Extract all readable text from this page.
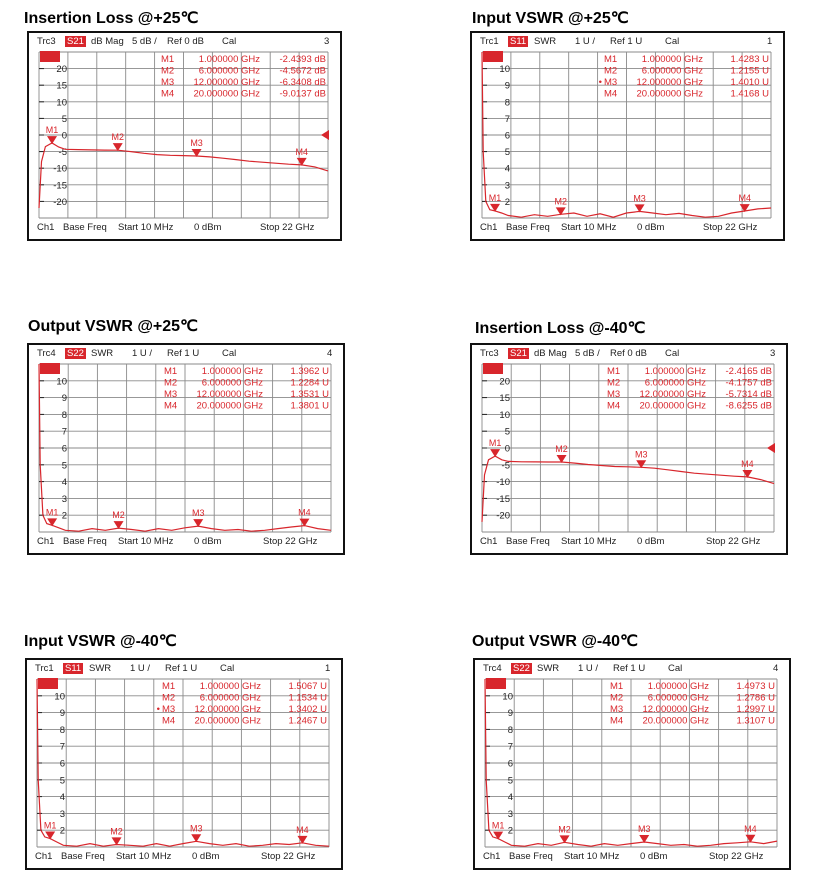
Insertion Loss @+25℃	Input VSWR @+25℃
Output VSWR @+25℃	Insertion Loss @-40℃
Input VSWR @-40℃	Output VSWR @-40℃
Trc3 S21 dB Mag 5 dB / Ref 0 dB Cal	3
Ch1 Base Freq Start 10 MHz 0 dBm	Stop 22 GHz
20
15
10
5
0
-5
-10
-15
-20
M1	1.000000 GHz -2.4393 dB
M2	6.000000 GHz -4.5672 dB
M3 12.000000 GHz -6.3408 dB
M4 20.000000 GHz -9.0137 dB
M1
M2
M3
M4
Trc1 S11 SWR 1 U / Ref 1 U Cal	1
Ch1 Base Freq Start 10 MHz 0 dBm	Stop 22 GHz
10
9
8
7
6
5
4
3
2
M1	1.000000 GHz	1.4283 U
M2	6.000000 GHz	1.2155 U
• M3 12.000000 GHz	1.4010 U
M4 20.000000 GHz	1.4168 U
M1	M2	M3	M4
Trc4 S22 SWR 1 U / Ref 1 U Cal	4
Ch1 Base Freq Start 10 MHz 0 dBm	Stop 22 GHz
10
9
8
7
6
5
4
3
2
M1	1.000000 GHz	1.3962 U
M2	6.000000 GHz	1.2284 U
M3 12.000000 GHz	1.3531 U
M4 20.000000 GHz	1.3801 U
M1	M2	M3	M4
Trc3 S21 dB Mag 5 dB / Ref 0 dB Cal	3
Ch1 Base Freq Start 10 MHz 0 dBm	Stop 22 GHz
20
15
10
5
0
-5
-10
-15
-20
M1	1.000000 GHz -2.4165 dB
M2	6.000000 GHz -4.1757 dB
M3 12.000000 GHz -5.7314 dB
M4 20.000000 GHz -8.6255 dB
M1
M2
M3
M4
Trc1 S11 SWR 1 U / Ref 1 U Cal	1
Ch1 Base Freq Start 10 MHz 0 dBm	Stop 22 GHz
10
9
8
7
6
5
4
3
2
M1	1.000000 GHz	1.5067 U
M2	6.000000 GHz	1.1534 U
• M3 12.000000 GHz	1.3402 U
M4 20.000000 GHz	1.2467 U
M1
M2	M3	M4
Trc4 S22 SWR 1 U / Ref 1 U Cal	4
Ch1 Base Freq Start 10 MHz 0 dBm	Stop 22 GHz
10
9
8
7
6
5
4
3
2
M1	1.000000 GHz	1.4973 U
M2	6.000000 GHz	1.2786 U
M3 12.000000 GHz	1.2997 U
M4 20.000000 GHz	1.3107 U
M1	M2	M3	M4
